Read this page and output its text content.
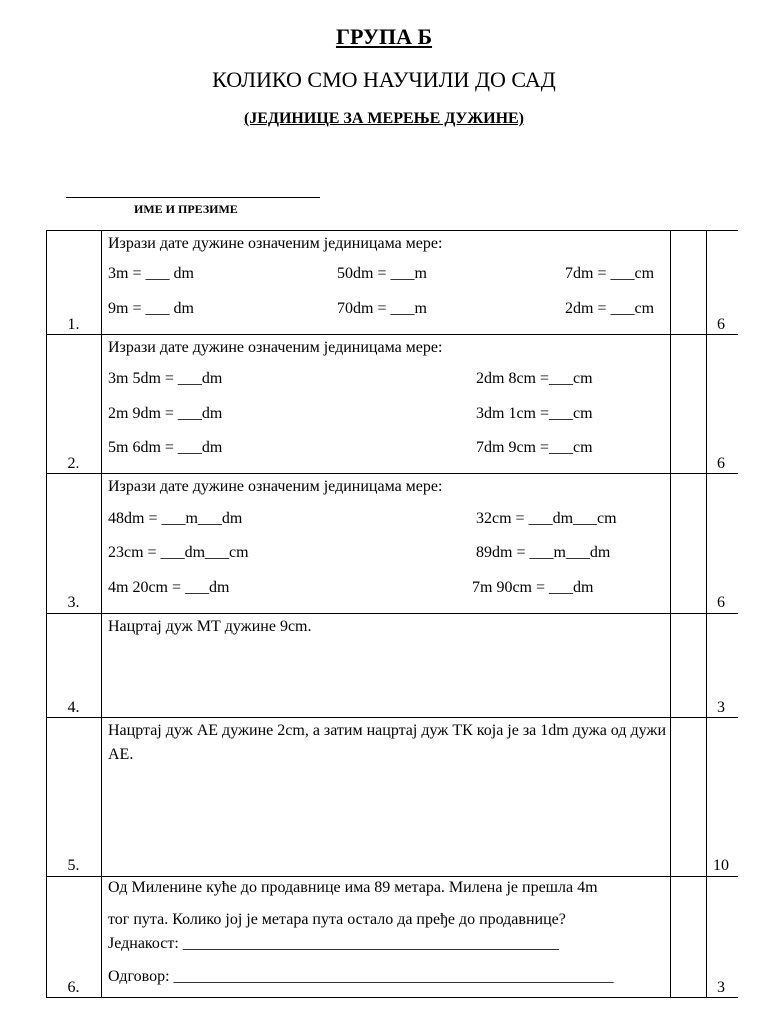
ГРУПА Б
КОЛИКО СМО НАУЧИЛИ ДО САД
(ЈЕДИНИЦЕ ЗА МЕРЕЊЕ ДУЖИНЕ)
ИМЕ И ПРЕЗИМЕ
Изрази дате дужине означеним јединицама мере:
3m = ___ dm	50dm = ___m	7dm = ___cm
9m = ___ dm	70dm = ___m	2dm = ___cm
1.	6
Изрази дате дужине означеним јединицама мере:
3m 5dm = ___dm	2dm 8cm =___cm
2m 9dm = ___dm	3dm 1cm =___cm
5m 6dm = ___dm	7dm 9cm =___cm
2.	6
Изрази дате дужине означеним јединицама мере:
48dm = ___m___dm	32cm = ___dm___cm
23cm = ___dm___cm	89dm = ___m___dm
4m 20cm = ___dm	7m 90cm = ___dm
3.	6
Нацртај дуж МТ дужине 9cm.
4.	3
Нацртај дуж АЕ дужине 2cm, а затим нацртај дуж ТК која је за 1dm дужа од дужи АЕ.
5.	10
Од Миленине куће до продавнице има 89 метара. Милена је прешла 4m
тог пута. Колико јој је метара пута остало да пређе до продавнице?
Једнакост: _______________________________________________
Одговор: _______________________________________________________
6.	3
